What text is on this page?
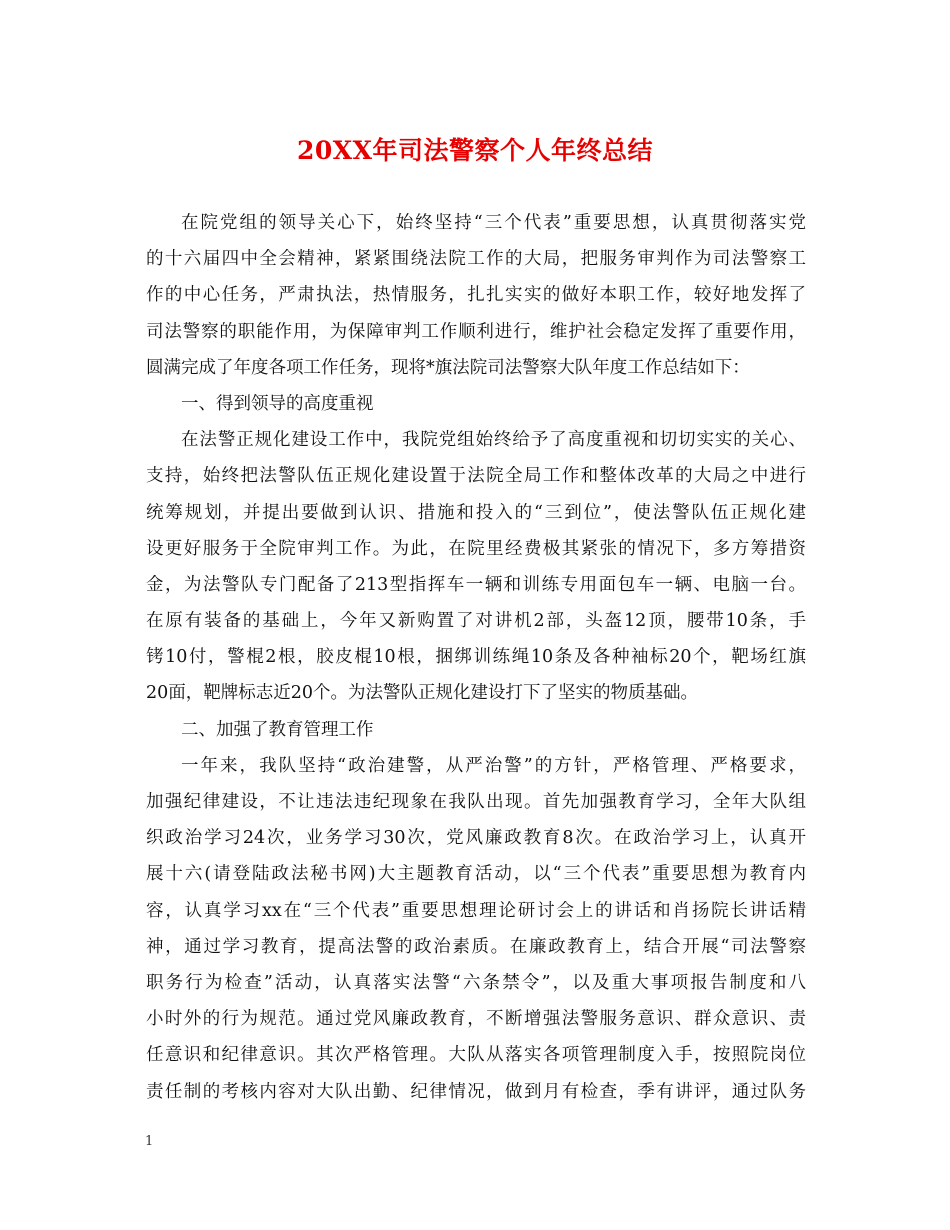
20XX年司法警察个人年终总结
在院党组的领导关心下，始终坚持“三个代表”重要思想，认真贯彻落实党
的十六届四中全会精神，紧紧围绕法院工作的大局，把服务审判作为司法警察工
作的中心任务，严肃执法，热情服务，扎扎实实的做好本职工作，较好地发挥了
司法警察的职能作用，为保障审判工作顺利进行，维护社会稳定发挥了重要作用，
圆满完成了年度各项工作任务，现将*旗法院司法警察大队年度工作总结如下：
一、得到领导的高度重视
在法警正规化建设工作中，我院党组始终给予了高度重视和切切实实的关心、
支持，始终把法警队伍正规化建设置于法院全局工作和整体改革的大局之中进行
统筹规划，并提出要做到认识、措施和投入的“三到位”，使法警队伍正规化建
设更好服务于全院审判工作。为此，在院里经费极其紧张的情况下，多方筹措资
金，为法警队专门配备了213型指挥车一辆和训练专用面包车一辆、电脑一台。
在原有装备的基础上，今年又新购置了对讲机2部，头盔12顶，腰带10条，手
铐10付，警棍2根，胶皮棍10根，捆绑训练绳10条及各种袖标20个，靶场红旗
20面，靶牌标志近20个。为法警队正规化建设打下了坚实的物质基础。
二、加强了教育管理工作
一年来，我队坚持“政治建警，从严治警”的方针，严格管理、严格要求，
加强纪律建设，不让违法违纪现象在我队出现。首先加强教育学习，全年大队组
织政治学习24次，业务学习30次，党风廉政教育8次。在政治学习上，认真开
展十六(请登陆政法秘书网)大主题教育活动，以“三个代表”重要思想为教育内
容，认真学习xx在“三个代表”重要思想理论研讨会上的讲话和肖扬院长讲话精
神，通过学习教育，提高法警的政治素质。在廉政教育上，结合开展“司法警察
职务行为检查”活动，认真落实法警“六条禁令”，以及重大事项报告制度和八
小时外的行为规范。通过党风廉政教育，不断增强法警服务意识、群众意识、责
任意识和纪律意识。其次严格管理。大队从落实各项管理制度入手，按照院岗位
责任制的考核内容对大队出勤、纪律情况，做到月有检查，季有讲评，通过队务
1
